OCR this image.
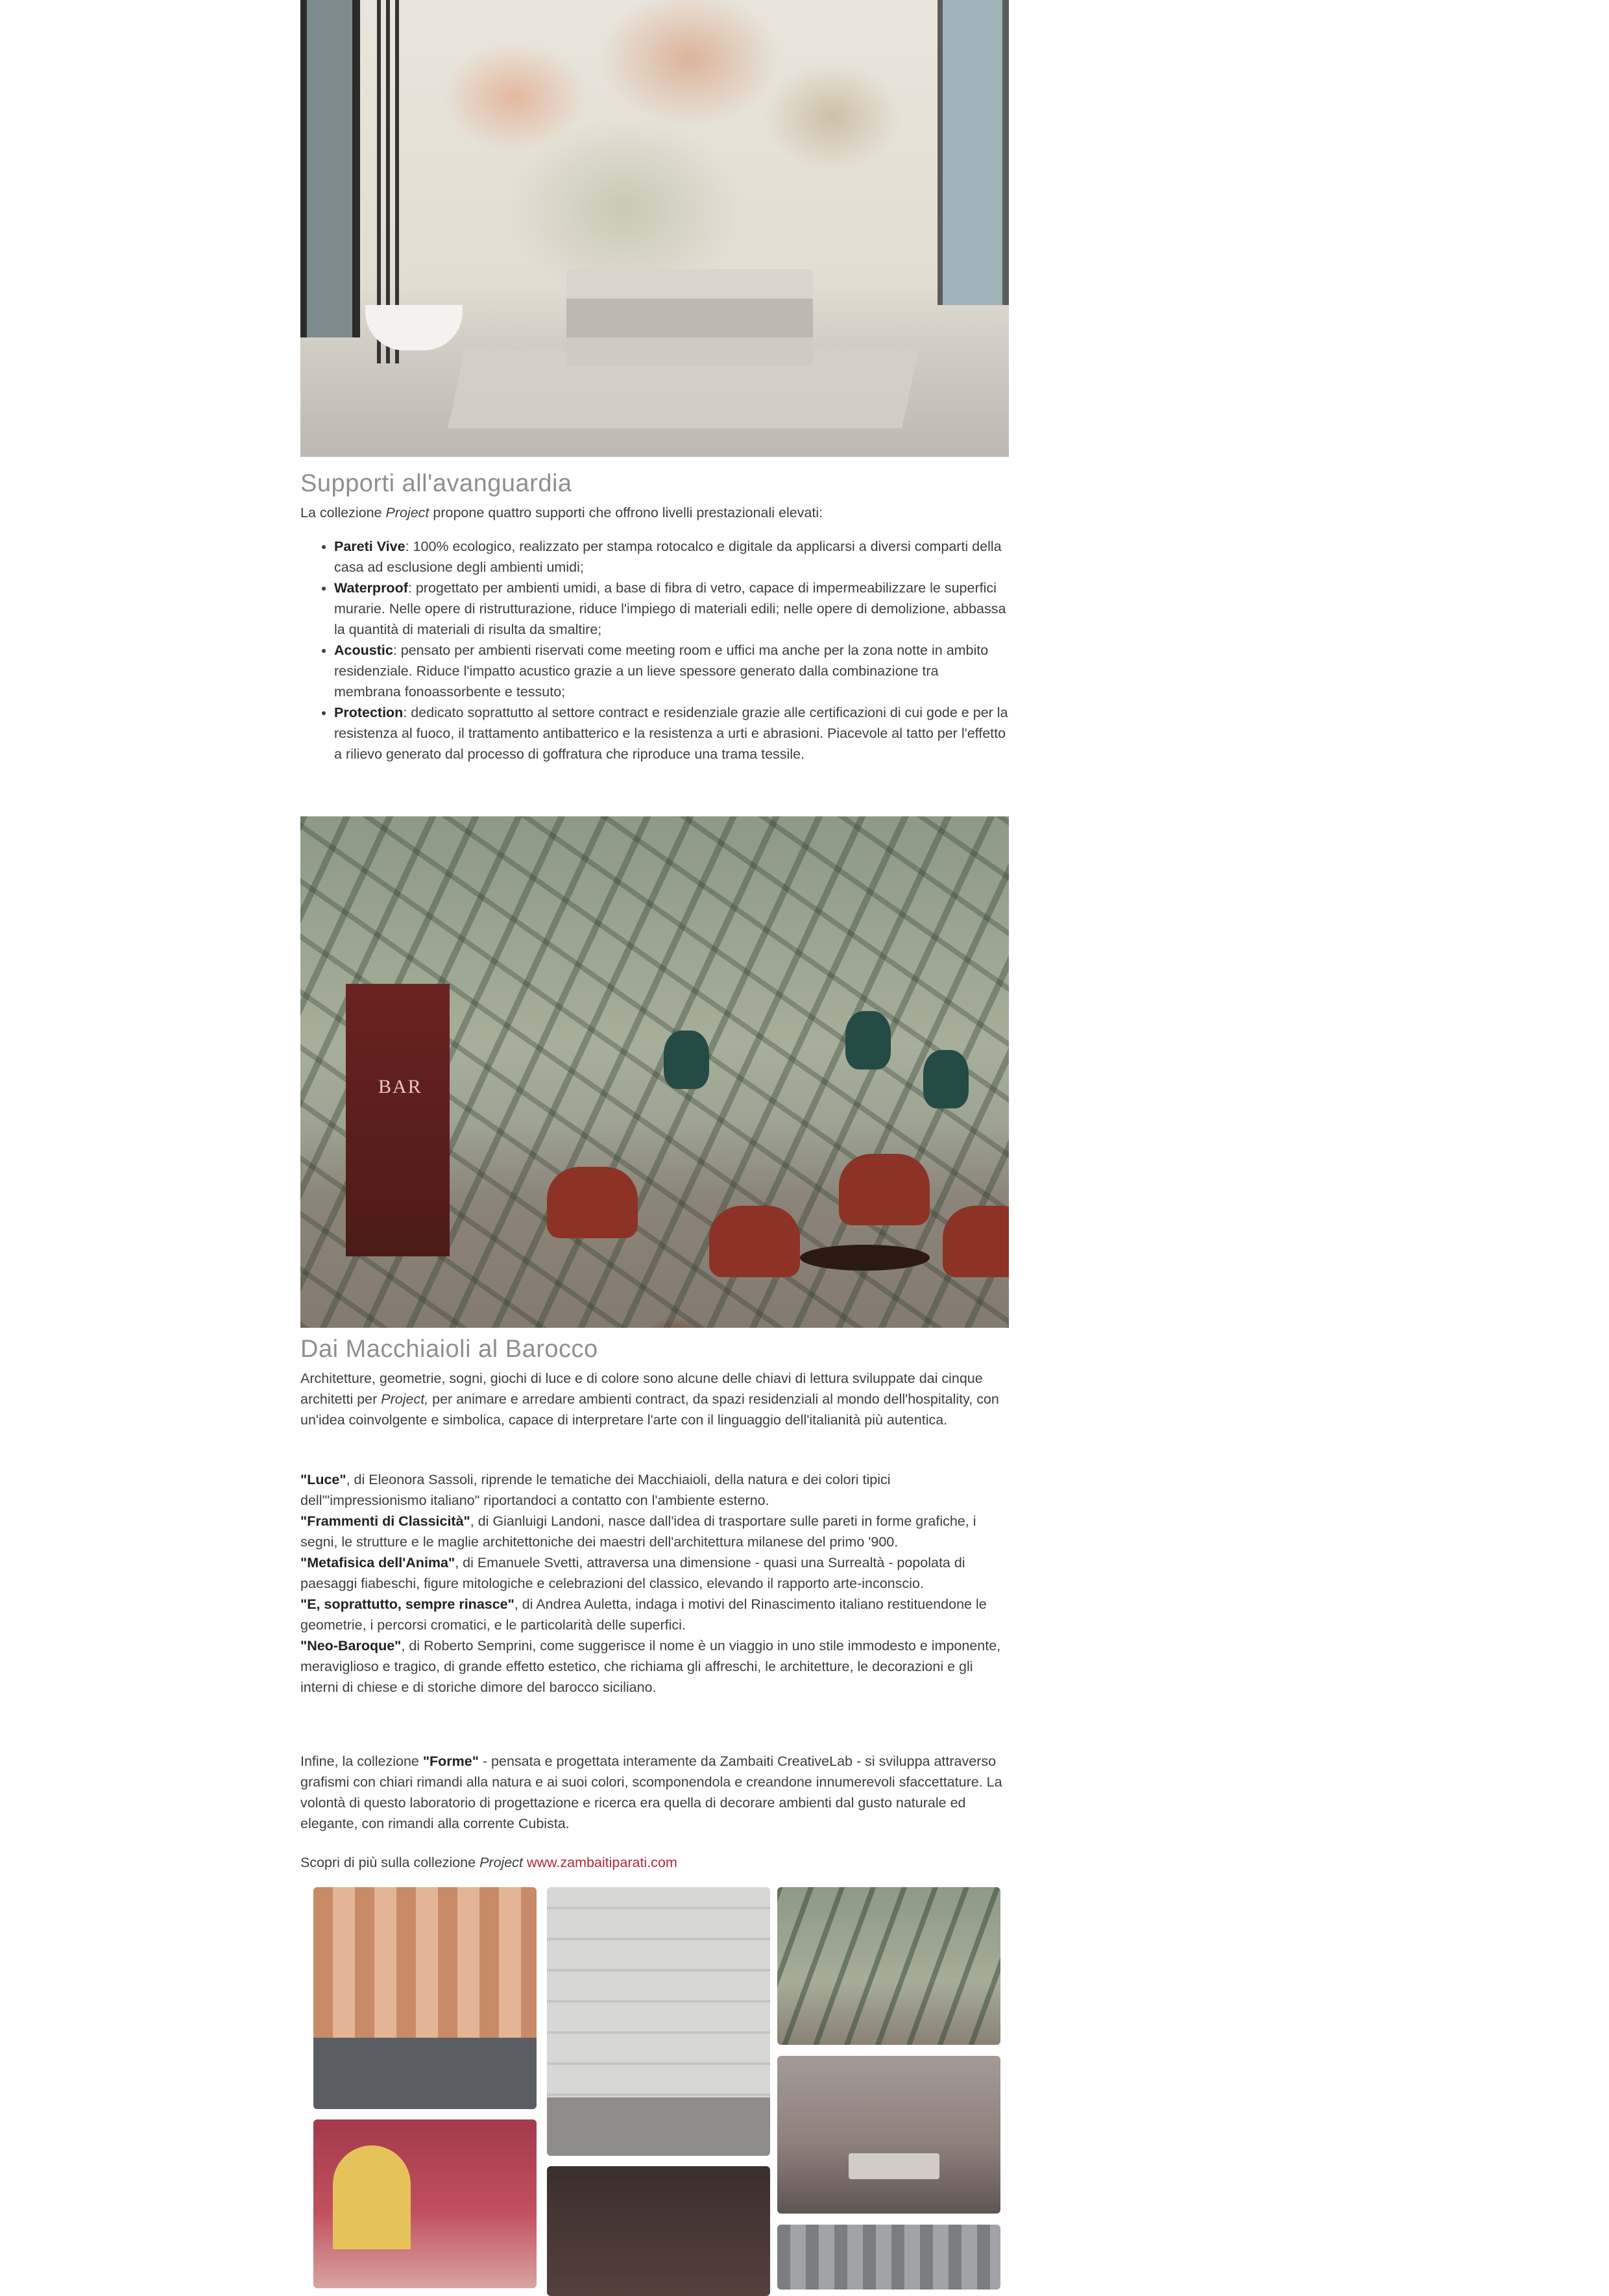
Supporti all'avanguardia

La collezione Project propone quattro supporti che offrono livelli prestazionali elevati:

• Pareti Vive: 100% ecologico, realizzato per stampa rotocalco e digitale da applicarsi a diversi comparti della casa ad esclusione degli ambienti umidi;
• Waterproof: progettato per ambienti umidi, a base di fibra di vetro, capace di impermeabilizzare le superfici murarie. Nelle opere di ristrutturazione, riduce l'impiego di materiali edili; nelle opere di demolizione, abbassa la quantità di materiali di risulta da smaltire;
• Acoustic: pensato per ambienti riservati come meeting room e uffici ma anche per la zona notte in ambito residenziale. Riduce l'impatto acustico grazie a un lieve spessore generato dalla combinazione tra membrana fonoassorbente e tessuto;
• Protection: dedicato soprattutto al settore contract e residenziale grazie alle certificazioni di cui gode e per la resistenza al fuoco, il trattamento antibatterico e la resistenza a urti e abrasioni. Piacevole al tatto per l'effetto a rilievo generato dal processo di goffratura che riproduce una trama tessile.
BAR
Dai Macchiaioli al Barocco

Architetture, geometrie, sogni, giochi di luce e di colore sono alcune delle chiavi di lettura sviluppate dai cinque architetti per Project, per animare e arredare ambienti contract, da spazi residenziali al mondo dell'hospitality, con un'idea coinvolgente e simbolica, capace di interpretare l'arte con il linguaggio dell'italianità più autentica.

"Luce", di Eleonora Sassoli, riprende le tematiche dei Macchiaioli, della natura e dei colori tipici dell'"impressionismo italiano" riportandoci a contatto con l'ambiente esterno.
"Frammenti di Classicità", di Gianluigi Landoni, nasce dall'idea di trasportare sulle pareti in forme grafiche, i segni, le strutture e le maglie architettoniche dei maestri dell'architettura milanese del primo '900.
"Metafisica dell'Anima", di Emanuele Svetti, attraversa una dimensione - quasi una Surrealtà - popolata di paesaggi fiabeschi, figure mitologiche e celebrazioni del classico, elevando il rapporto arte-inconscio.
"E, soprattutto, sempre rinasce", di Andrea Auletta, indaga i motivi del Rinascimento italiano restituendone le geometrie, i percorsi cromatici, e le particolarità delle superfici.
"Neo-Baroque", di Roberto Semprini, come suggerisce il nome è un viaggio in uno stile immodesto e imponente, meraviglioso e tragico, di grande effetto estetico, che richiama gli affreschi, le architetture, le decorazioni e gli interni di chiese e di storiche dimore del barocco siciliano.

Infine, la collezione "Forme" - pensata e progettata interamente da Zambaiti CreativeLab - si sviluppa attraverso grafismi con chiari rimandi alla natura e ai suoi colori, scomponendola e creandone innumerevoli sfaccettature. La volontà di questo laboratorio di progettazione e ricerca era quella di decorare ambienti dal gusto naturale ed elegante, con rimandi alla corrente Cubista.

Scopri di più sulla collezione Project www.zambaitiparati.com
